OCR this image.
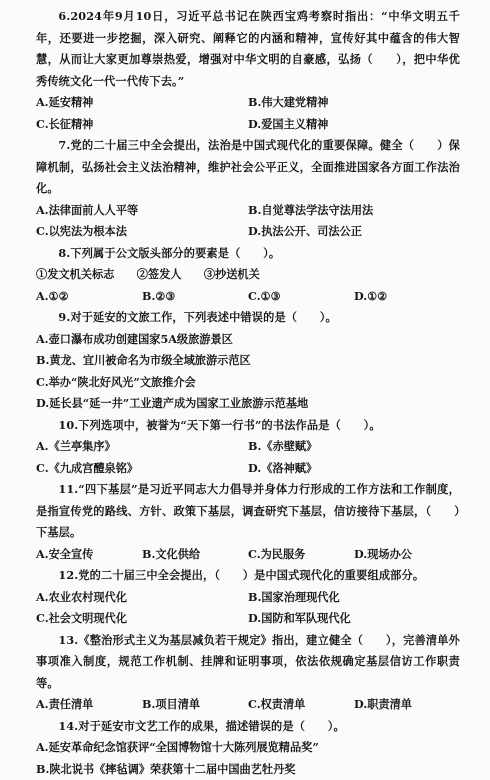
6.2024年9月10日，习近平总书记在陕西宝鸡考察时指出：“中华文明五千年，还要进一步挖掘，深入研究、阐释它的内涵和精神，宣传好其中蕴含的伟大智慧，从而让大家更加尊崇热爱，增强对中华文明的自豪感，弘扬（　　），把中华优秀传统文化一代一代传下去。”
A.延安精神	B.伟大建党精神
C.长征精神	D.爱国主义精神
7.党的二十届三中全会提出，法治是中国式现代化的重要保障。健全（　　）保障机制，弘扬社会主义法治精神，维护社会公平正义，全面推进国家各方面工作法治化。
A.法律面前人人平等	B.自觉尊法学法守法用法
C.以宪法为根本法	D.执法公开、司法公正
8.下列属于公文版头部分的要素是（　　）。
①发文机关标志　　②签发人　　③抄送机关
A.①②	B.②③	C.①③	D.①②
9.对于延安的文旅工作，下列表述中错误的是（　　）。
A.壶口瀑布成功创建国家5A级旅游景区
B.黄龙、宜川被命名为市级全域旅游示范区
C.举办“陕北好风光”文旅推介会
D.延长县“延一井”工业遗产成为国家工业旅游示范基地
10.下列选项中，被誉为“天下第一行书”的书法作品是（　　）。
A.《兰亭集序》	B.《赤壁赋》
C.《九成宫醴泉铭》	D.《洛神赋》
11.“四下基层”是习近平同志大力倡导并身体力行形成的工作方法和工作制度，是指宣传党的路线、方针、政策下基层，调查研究下基层，信访接待下基层，（　　）下基层。
A.安全宣传	B.文化供给	C.为民服务	D.现场办公
12.党的二十届三中全会提出，（　　）是中国式现代化的重要组成部分。
A.农业农村现代化	B.国家治理现代化
C.社会文明现代化	D.国防和军队现代化
13.《整治形式主义为基层减负若干规定》指出，建立健全（　　），完善清单外事项准入制度，规范工作机制、挂牌和证明事项，依法依规确定基层信访工作职责等。
A.责任清单	B.项目清单	C.权责清单	D.职责清单
14.对于延安市文艺工作的成果，描述错误的是（　　）。
A.延安革命纪念馆获评“全国博物馆十大陈列展览精品奖”
B.陕北说书《摔毡调》荣获第十二届中国曲艺牡丹奖
